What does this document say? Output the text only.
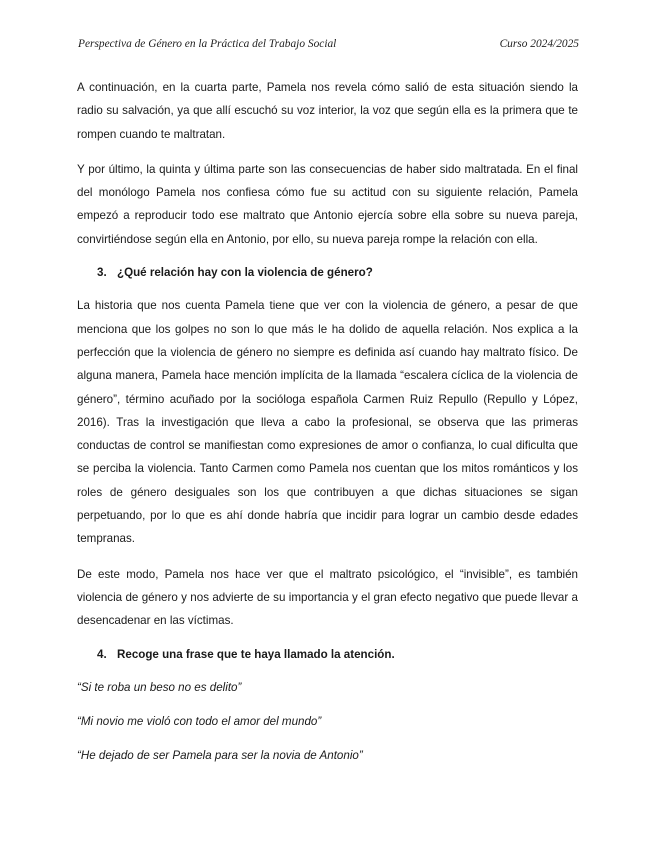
Perspectiva de Género en la Práctica del Trabajo Social	Curso 2024/2025

A continuación, en la cuarta parte, Pamela nos revela cómo salió de esta situación siendo la radio su salvación, ya que allí escuchó su voz interior, la voz que según ella es la primera que te rompen cuando te maltratan.

Y por último, la quinta y última parte son las consecuencias de haber sido maltratada. En el final del monólogo Pamela nos confiesa cómo fue su actitud con su siguiente relación, Pamela empezó a reproducir todo ese maltrato que Antonio ejercía sobre ella sobre su nueva pareja, convirtiéndose según ella en Antonio, por ello, su nueva pareja rompe la relación con ella.

3. ¿Qué relación hay con la violencia de género?

La historia que nos cuenta Pamela tiene que ver con la violencia de género, a pesar de que menciona que los golpes no son lo que más le ha dolido de aquella relación. Nos explica a la perfección que la violencia de género no siempre es definida así cuando hay maltrato físico. De alguna manera, Pamela hace mención implícita de la llamada “escalera cíclica de la violencia de género”, término acuñado por la socióloga española Carmen Ruiz Repullo (Repullo y López, 2016). Tras la investigación que lleva a cabo la profesional, se observa que las primeras conductas de control se manifiestan como expresiones de amor o confianza, lo cual dificulta que se perciba la violencia. Tanto Carmen como Pamela nos cuentan que los mitos románticos y los roles de género desiguales son los que contribuyen a que dichas situaciones se sigan perpetuando, por lo que es ahí donde habría que incidir para lograr un cambio desde edades tempranas.

De este modo, Pamela nos hace ver que el maltrato psicológico, el “invisible”, es también violencia de género y nos advierte de su importancia y el gran efecto negativo que puede llevar a desencadenar en las víctimas.

4. Recoge una frase que te haya llamado la atención.

“Si te roba un beso no es delito”

“Mi novio me violó con todo el amor del mundo”

“He dejado de ser Pamela para ser la novia de Antonio”
